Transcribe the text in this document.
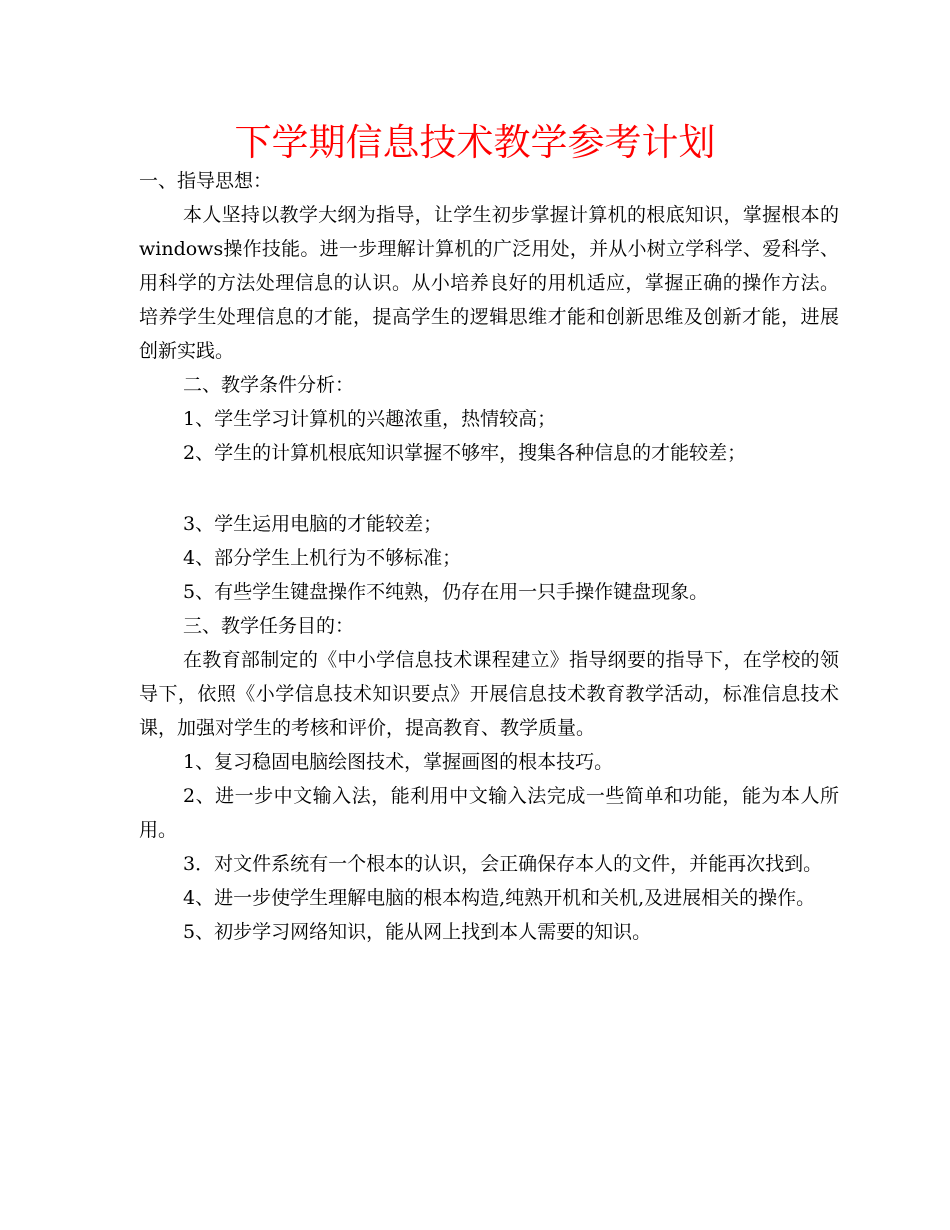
下学期信息技术教学参考计划

一、指导思想：

本人坚持以教学大纲为指导，让学生初步掌握计算机的根底知识，掌握根本的windows操作技能。进一步理解计算机的广泛用处，并从小树立学科学、爱科学、用科学的方法处理信息的认识。从小培养良好的用机适应，掌握正确的操作方法。培养学生处理信息的才能，提高学生的逻辑思维才能和创新思维及创新才能，进展创新实践。

二、教学条件分析：

1、学生学习计算机的兴趣浓重，热情较高；

2、学生的计算机根底知识掌握不够牢，搜集各种信息的才能较差；

3、学生运用电脑的才能较差；

4、部分学生上机行为不够标准；

5、有些学生键盘操作不纯熟，仍存在用一只手操作键盘现象。

三、教学任务目的：

在教育部制定的《中小学信息技术课程建立》指导纲要的指导下，在学校的领导下，依照《小学信息技术知识要点》开展信息技术教育教学活动，标准信息技术课，加强对学生的考核和评价，提高教育、教学质量。

1、复习稳固电脑绘图技术，掌握画图的根本技巧。

2、进一步中文输入法，能利用中文输入法完成一些简单和功能，能为本人所用。

3．对文件系统有一个根本的认识，会正确保存本人的文件，并能再次找到。

4、进一步使学生理解电脑的根本构造,纯熟开机和关机,及进展相关的操作。

5、初步学习网络知识，能从网上找到本人需要的知识。
